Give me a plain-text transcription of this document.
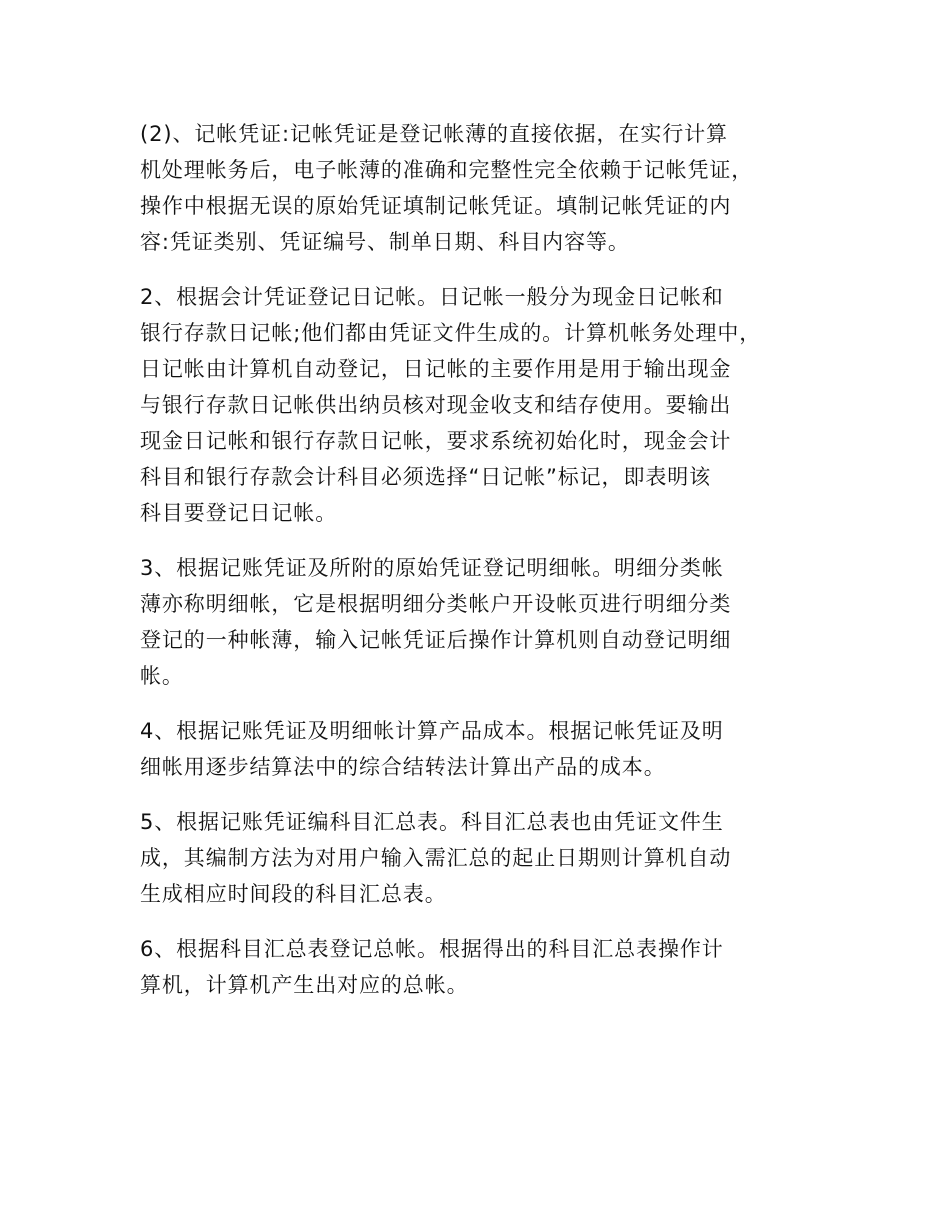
(2)、记帐凭证:记帐凭证是登记帐薄的直接依据，在实行计算
机处理帐务后，电子帐薄的准确和完整性完全依赖于记帐凭证，
操作中根据无误的原始凭证填制记帐凭证。填制记帐凭证的内
容:凭证类别、凭证编号、制单日期、科目内容等。

2、根据会计凭证登记日记帐。日记帐一般分为现金日记帐和
银行存款日记帐;他们都由凭证文件生成的。计算机帐务处理中，
日记帐由计算机自动登记，日记帐的主要作用是用于输出现金
与银行存款日记帐供出纳员核对现金收支和结存使用。要输出
现金日记帐和银行存款日记帐，要求系统初始化时，现金会计
科目和银行存款会计科目必须选择“日记帐”标记，即表明该
科目要登记日记帐。

3、根据记账凭证及所附的原始凭证登记明细帐。明细分类帐
薄亦称明细帐，它是根据明细分类帐户开设帐页进行明细分类
登记的一种帐薄，输入记帐凭证后操作计算机则自动登记明细
帐。

4、根据记账凭证及明细帐计算产品成本。根据记帐凭证及明
细帐用逐步结算法中的综合结转法计算出产品的成本。

5、根据记账凭证编科目汇总表。科目汇总表也由凭证文件生
成，其编制方法为对用户输入需汇总的起止日期则计算机自动
生成相应时间段的科目汇总表。

6、根据科目汇总表登记总帐。根据得出的科目汇总表操作计
算机，计算机产生出对应的总帐。
